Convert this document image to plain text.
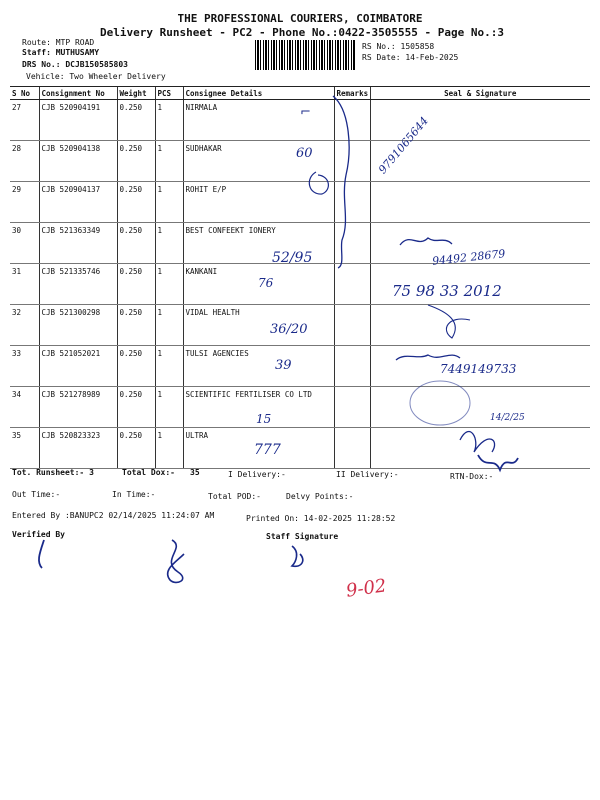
THE PROFESSIONAL COURIERS, COIMBATORE
Delivery Runsheet - PC2 - Phone No.:0422-3505555 - Page No.:3
Route: MTP ROAD
Staff: MUTHUSAMY
DRS No.: DCJB150585803
Vehicle: Two Wheeler Delivery
RS No.: 1505858
RS Date: 14-Feb-2025
S No	Consignment No	Weight	PCS	Consignee Details	Remarks	Seal & Signature
27	CJB 520904191	0.250	1	NIRMALA		
28	CJB 520904138	0.250	1	SUDHAKAR		
29	CJB 520904137	0.250	1	ROHIT E/P		
30	CJB 521363349	0.250	1	BEST CONFEEKT IONERY		
31	CJB 521335746	0.250	1	KANKANI		
32	CJB 521300298	0.250	1	VIDAL HEALTH		
33	CJB 521052021	0.250	1	TULSI AGENCIES		
34	CJB 521278989	0.250	1	SCIENTIFIC FERTILISER CO LTD		
35	CJB 520823323	0.250	1	ULTRA		
⌐
60	9791065644
52/95	94492 28679
76	75 98 33 2012
36/20
39	7449149733
15	14/2/25
777
9-02
Tot. Runsheet:- 3	Total Dox:- 35	I Delivery:-	II Delivery:-	RTN-Dox:-
Out Time:-	In Time:-	Total POD:-	Delvy Points:-
Entered By :BANUPC2 02/14/2025 11:24:07 AM	Printed On: 14-02-2025 11:28:52
Verified By	Staff Signature
